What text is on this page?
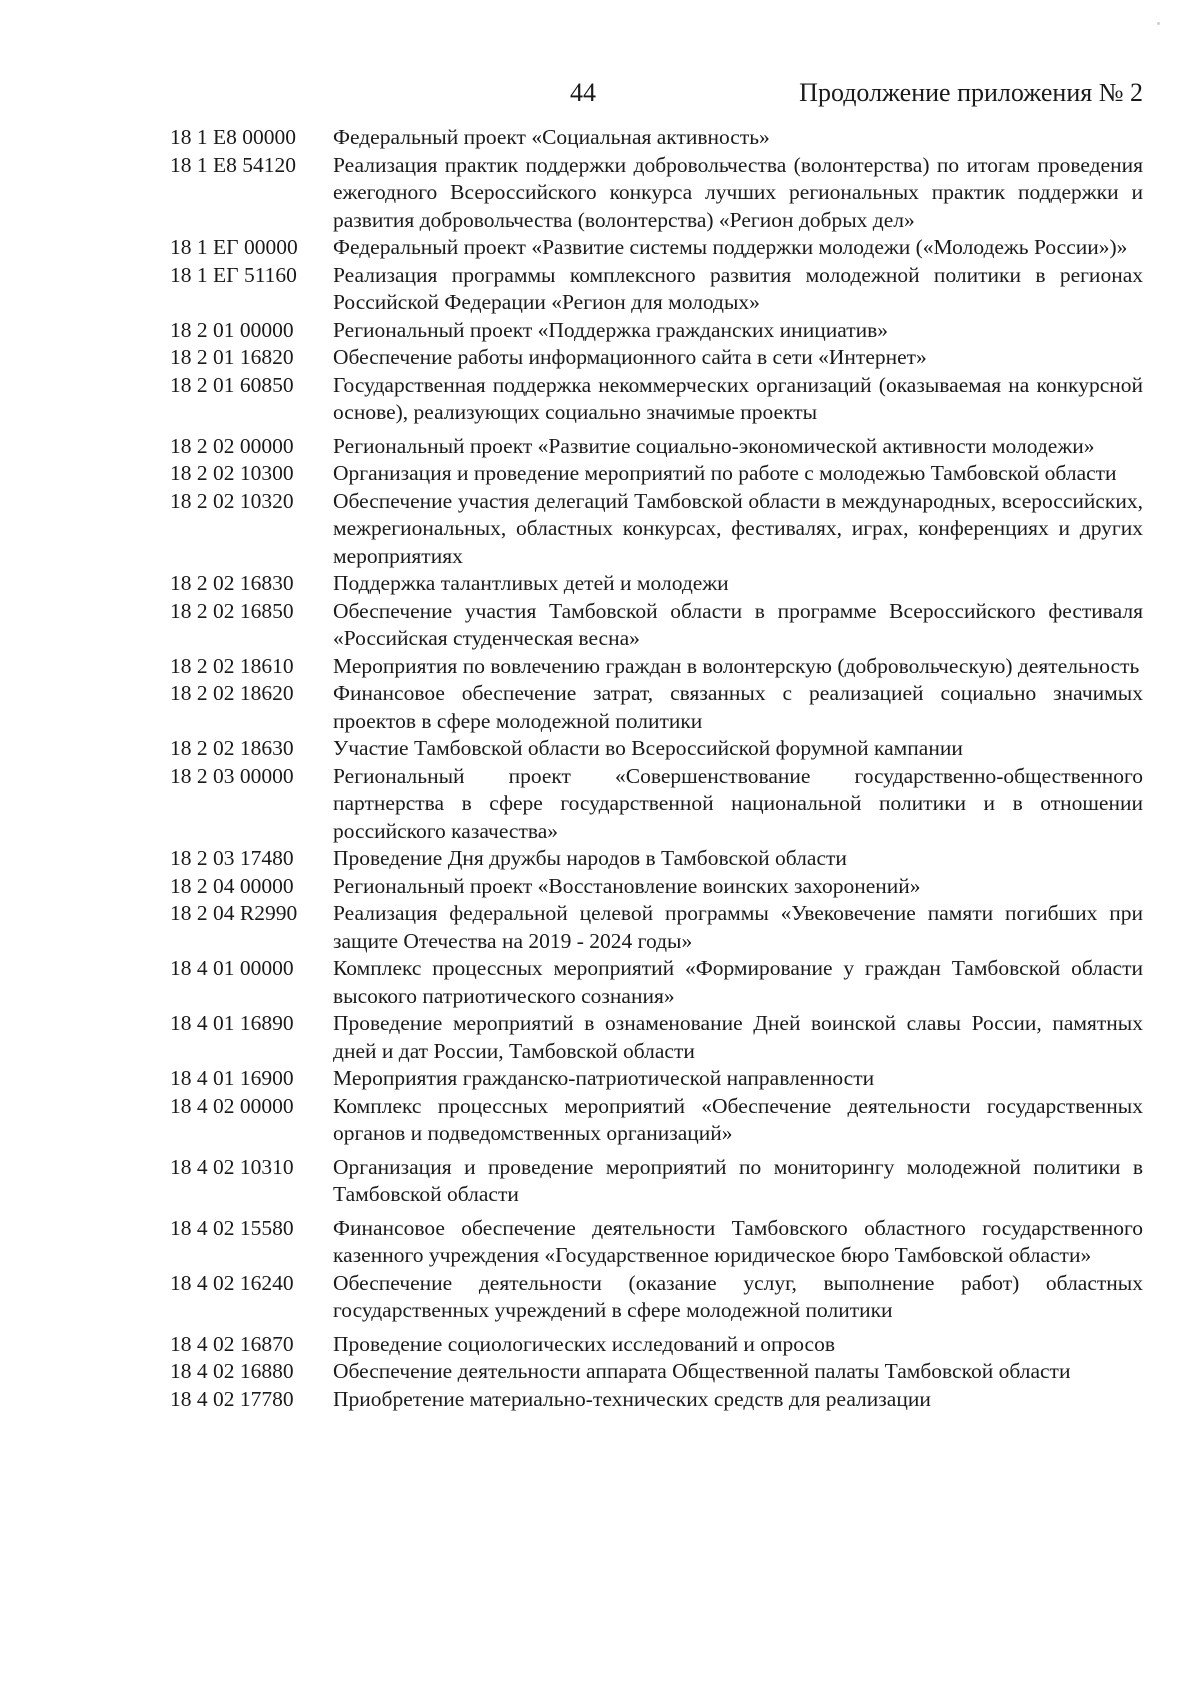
44	Продолжение приложения № 2
18 1 E8 00000	Федеральный проект «Социальная активность»
18 1 E8 54120	Реализация практик поддержки добровольчества (волонтерства) по итогам проведения ежегодного Всероссийского конкурса лучших региональных практик поддержки и развития добровольчества (волонтерства) «Регион добрых дел»
18 1 ЕГ 00000	Федеральный проект «Развитие системы поддержки молодежи («Молодежь России»)»
18 1 ЕГ 51160	Реализация программы комплексного развития молодежной политики в регионах Российской Федерации «Регион для молодых»
18 2 01 00000	Региональный проект «Поддержка гражданских инициатив»
18 2 01 16820	Обеспечение работы информационного сайта в сети «Интернет»
18 2 01 60850	Государственная поддержка некоммерческих организаций (оказываемая на конкурсной основе), реализующих социально значимые проекты
18 2 02 00000	Региональный проект «Развитие социально-экономической активности молодежи»
18 2 02 10300	Организация и проведение мероприятий по работе с молодежью Тамбовской области
18 2 02 10320	Обеспечение участия делегаций Тамбовской области в международных, всероссийских, межрегиональных, областных конкурсах, фестивалях, играх, конференциях и других мероприятиях
18 2 02 16830	Поддержка талантливых детей и молодежи
18 2 02 16850	Обеспечение участия Тамбовской области в программе Всероссийского фестиваля «Российская студенческая весна»
18 2 02 18610	Мероприятия по вовлечению граждан в волонтерскую (добровольческую) деятельность
18 2 02 18620	Финансовое обеспечение затрат, связанных с реализацией социально значимых проектов в сфере молодежной политики
18 2 02 18630	Участие Тамбовской области во Всероссийской форумной кампании
18 2 03 00000	Региональный проект «Совершенствование государственно-общественного партнерства в сфере государственной национальной политики и в отношении российского казачества»
18 2 03 17480	Проведение Дня дружбы народов в Тамбовской области
18 2 04 00000	Региональный проект «Восстановление воинских захоронений»
18 2 04 R2990	Реализация федеральной целевой программы «Увековечение памяти погибших при защите Отечества на 2019 - 2024 годы»
18 4 01 00000	Комплекс процессных мероприятий «Формирование у граждан Тамбовской области высокого патриотического сознания»
18 4 01 16890	Проведение мероприятий в ознаменование Дней воинской славы России, памятных дней и дат России, Тамбовской области
18 4 01 16900	Мероприятия гражданско-патриотической направленности
18 4 02 00000	Комплекс процессных мероприятий «Обеспечение деятельности государственных органов и подведомственных организаций»
18 4 02 10310	Организация и проведение мероприятий по мониторингу молодежной политики в Тамбовской области
18 4 02 15580	Финансовое обеспечение деятельности Тамбовского областного государственного казенного учреждения «Государственное юридическое бюро Тамбовской области»
18 4 02 16240	Обеспечение деятельности (оказание услуг, выполнение работ) областных государственных учреждений в сфере молодежной политики
18 4 02 16870	Проведение социологических исследований и опросов
18 4 02 16880	Обеспечение деятельности аппарата Общественной палаты Тамбовской области
18 4 02 17780	Приобретение материально-технических средств для реализации
